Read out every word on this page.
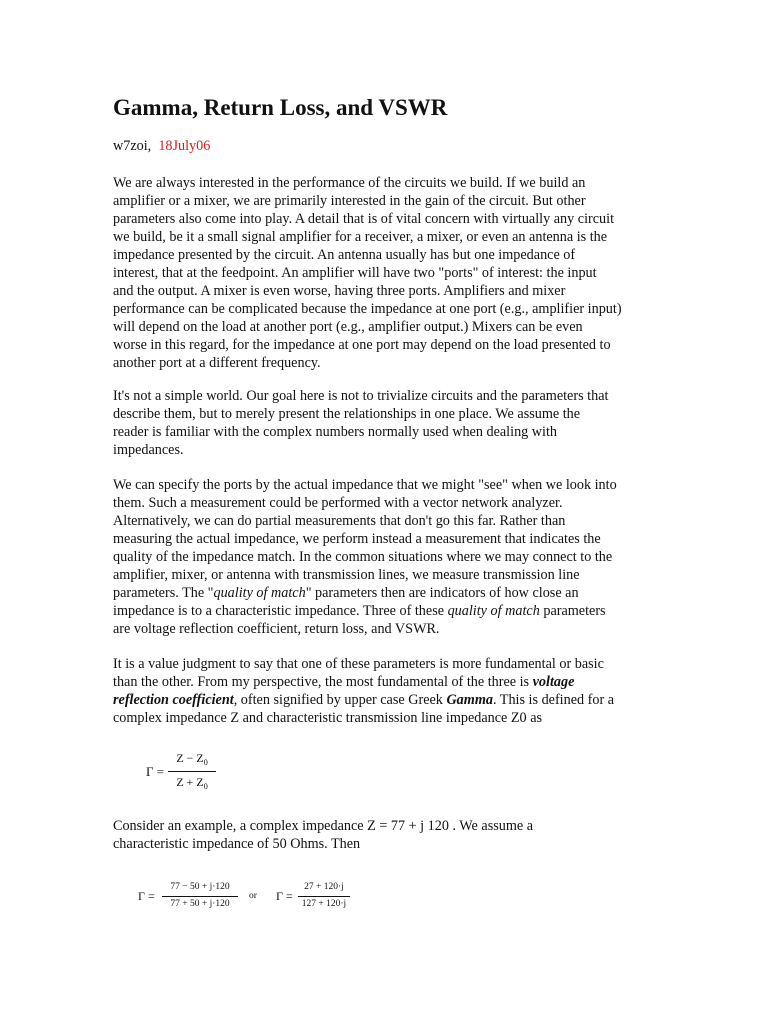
Gamma, Return Loss, and VSWR
w7zoi, 18July06

We are always interested in the performance of the circuits we build. If we build an
amplifier or a mixer, we are primarily interested in the gain of the circuit. But other
parameters also come into play. A detail that is of vital concern with virtually any circuit
we build, be it a small signal amplifier for a receiver, a mixer, or even an antenna is the
impedance presented by the circuit. An antenna usually has but one impedance of
interest, that at the feedpoint. An amplifier will have two "ports" of interest: the input
and the output. A mixer is even worse, having three ports. Amplifiers and mixer
performance can be complicated because the impedance at one port (e.g., amplifier input)
will depend on the load at another port (e.g., amplifier output.) Mixers can be even
worse in this regard, for the impedance at one port may depend on the load presented to
another port at a different frequency.

It's not a simple world. Our goal here is not to trivialize circuits and the parameters that
describe them, but to merely present the relationships in one place. We assume the
reader is familiar with the complex numbers normally used when dealing with
impedances.

We can specify the ports by the actual impedance that we might "see" when we look into
them. Such a measurement could be performed with a vector network analyzer.
Alternatively, we can do partial measurements that don't go this far. Rather than
measuring the actual impedance, we perform instead a measurement that indicates the
quality of the impedance match. In the common situations where we may connect to the
amplifier, mixer, or antenna with transmission lines, we measure transmission line
parameters. The "quality of match" parameters then are indicators of how close an
impedance is to a characteristic impedance. Three of these quality of match parameters
are voltage reflection coefficient, return loss, and VSWR.

It is a value judgment to say that one of these parameters is more fundamental or basic
than the other. From my perspective, the most fundamental of the three is voltage
reflection coefficient, often signified by upper case Greek Gamma. This is defined for a
complex impedance Z and characteristic transmission line impedance Z0 as

Γ =
$Z - Z_0$
$Z + Z_0$

Consider an example, a complex impedance Z = 77 + j 120 . We assume a
characteristic impedance of 50 Ohms. Then

Γ =
77 − 50 + j·120
77 + 50 + j·120
or Γ =
27 + 120·j
127 + 120·j
